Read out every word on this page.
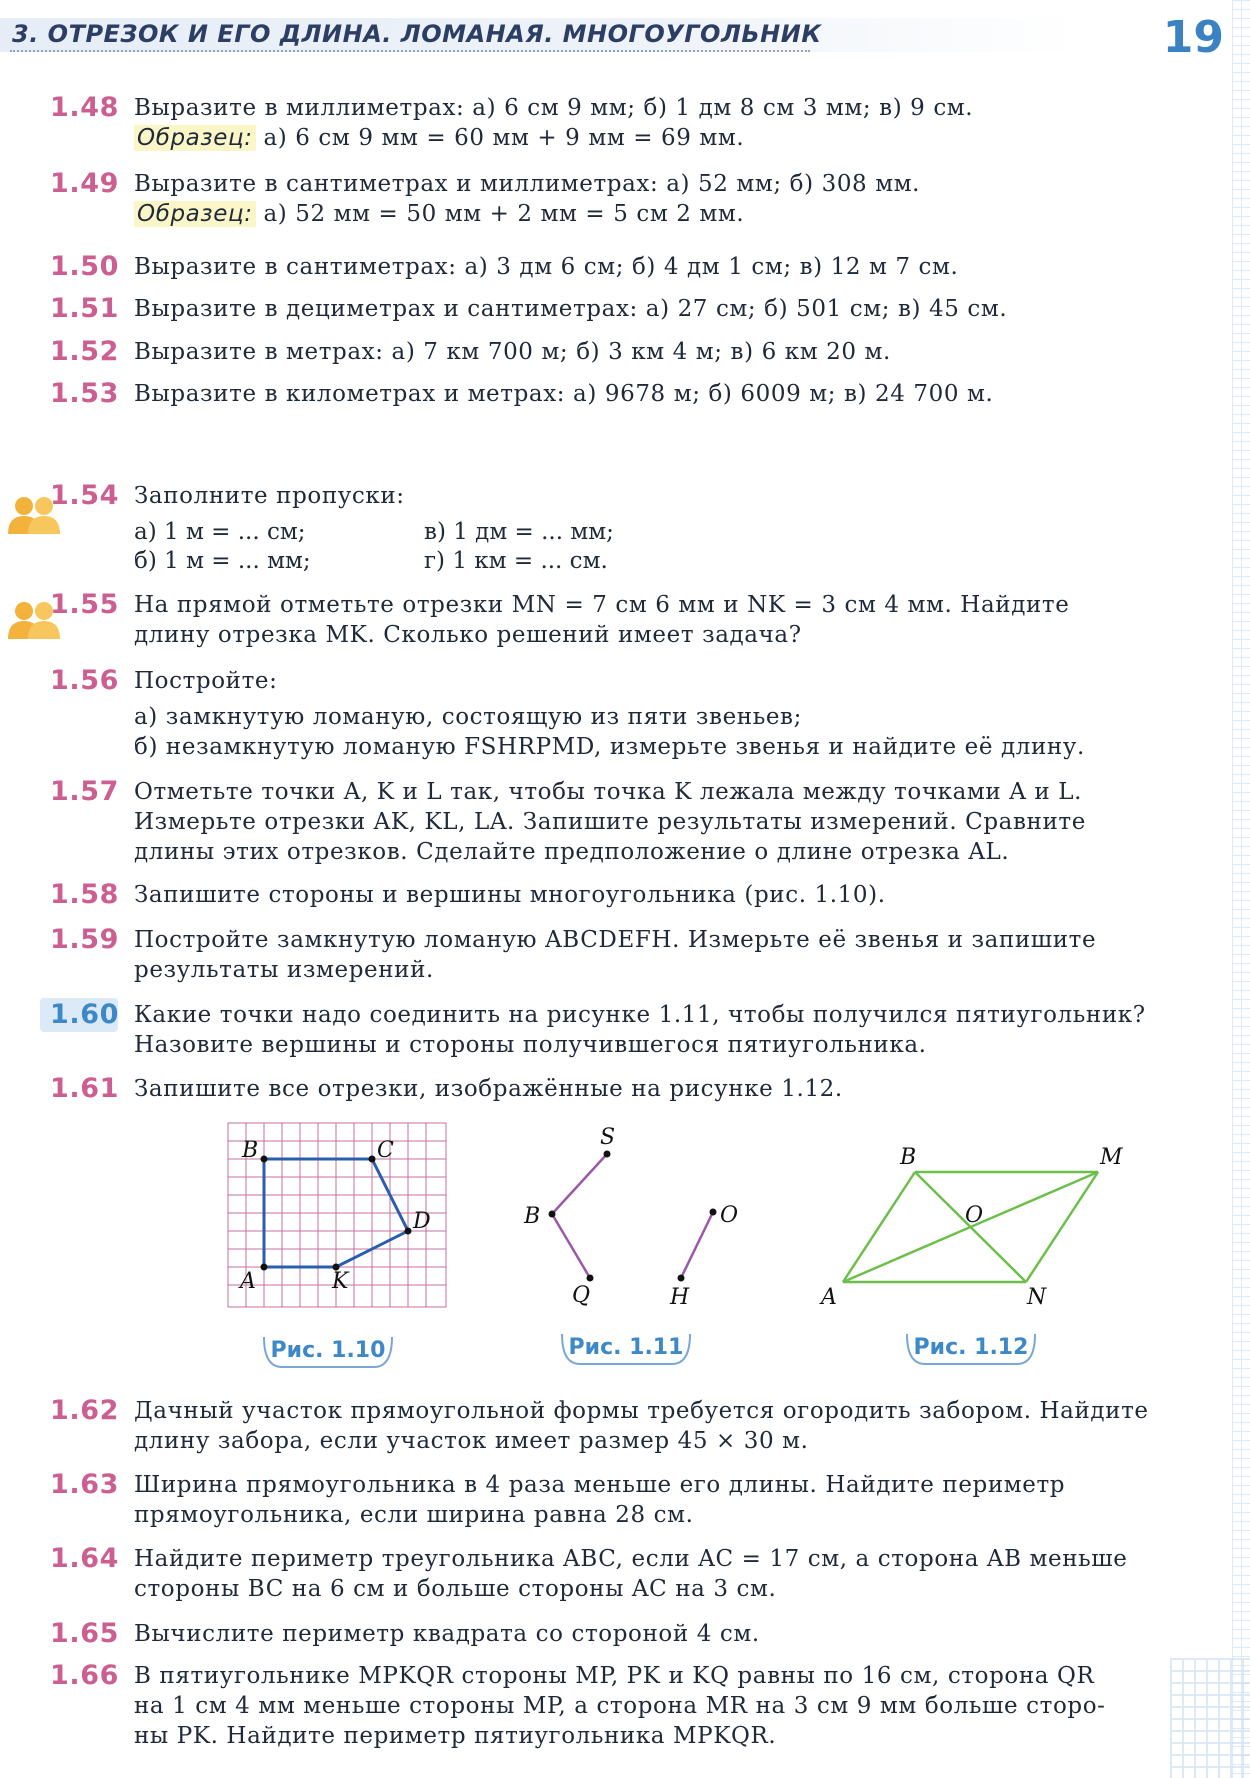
3. ОТРЕЗОК И ЕГО ДЛИНА. ЛОМАНАЯ. МНОГОУГОЛЬНИК	19
1.48 Выразите в миллиметрах: а) 6 см 9 мм; б) 1 дм 8 см 3 мм; в) 9 см.
Образец: а) 6 см 9 мм = 60 мм + 9 мм = 69 мм.
1.49 Выразите в сантиметрах и миллиметрах: а) 52 мм; б) 308 мм.
Образец: а) 52 мм = 50 мм + 2 мм = 5 см 2 мм.
1.50 Выразите в сантиметрах: а) 3 дм 6 см; б) 4 дм 1 см; в) 12 м 7 см.
1.51 Выразите в дециметрах и сантиметрах: а) 27 см; б) 501 см; в) 45 см.
1.52 Выразите в метрах: а) 7 км 700 м; б) 3 км 4 м; в) 6 км 20 м.
1.53 Выразите в километрах и метрах: а) 9678 м; б) 6009 м; в) 24 700 м.
1.54 Заполните пропуски:
а) 1 м = ... см;	в) 1 дм = ... мм;
б) 1 м = ... мм;	г) 1 км = ... см.
1.55 На прямой отметьте отрезки MN = 7 см 6 мм и NK = 3 см 4 мм. Найдите
длину отрезка MK. Сколько решений имеет задача?
1.56 Постройте:
а) замкнутую ломаную, состоящую из пяти звеньев;
б) незамкнутую ломаную FSHRPMD, измерьте звенья и найдите её длину.
1.57 Отметьте точки A, K и L так, чтобы точка K лежала между точками A и L.
Измерьте отрезки AK, KL, LA. Запишите результаты измерений. Сравните
длины этих отрезков. Сделайте предположение о длине отрезка AL.
1.58 Запишите стороны и вершины многоугольника (рис. 1.10).
1.59 Постройте замкнутую ломаную ABCDEFH. Измерьте её звенья и запишите
результаты измерений.
1.60 Какие точки надо соединить на рисунке 1.11, чтобы получился пятиугольник?
Назовите вершины и стороны получившегося пятиугольника.
1.61 Запишите все отрезки, изображённые на рисунке 1.12.
B	C
D
A	K
Рис. 1.10
S
B
Q
O
H
Рис. 1.11
B	M
O
A	N
Рис. 1.12
1.62 Дачный участок прямоугольной формы требуется огородить забором. Найдите
длину забора, если участок имеет размер 45 × 30 м.
1.63 Ширина прямоугольника в 4 раза меньше его длины. Найдите периметр
прямоугольника, если ширина равна 28 см.
1.64 Найдите периметр треугольника ABC, если AC = 17 см, а сторона AB меньше
стороны BC на 6 см и больше стороны AC на 3 см.
1.65 Вычислите периметр квадрата со стороной 4 см.
1.66 В пятиугольнике MPKQR стороны MP, PK и KQ равны по 16 см, сторона QR
на 1 см 4 мм меньше стороны MP, а сторона MR на 3 см 9 мм больше сторо-
ны PK. Найдите периметр пятиугольника MPKQR.
